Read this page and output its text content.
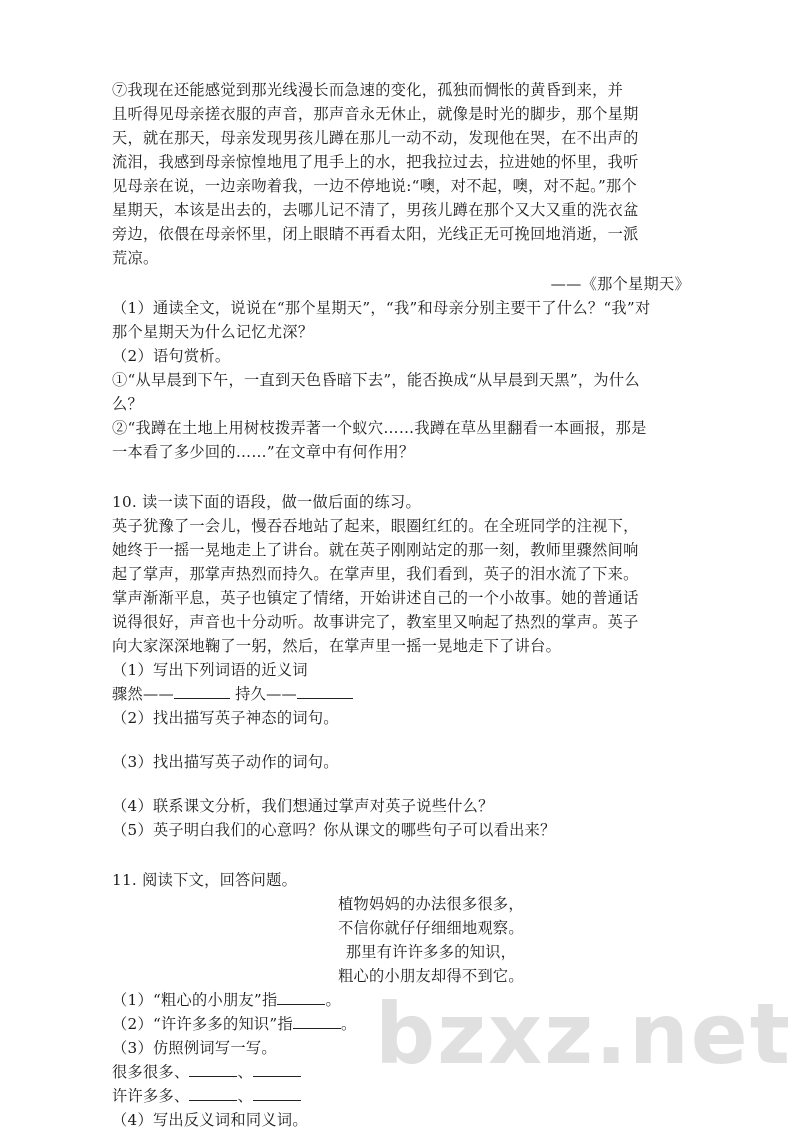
⑦我现在还能感觉到那光线漫长而急速的变化，孤独而惆怅的黄昏到来，并
且听得见母亲搓衣服的声音，那声音永无休止，就像是时光的脚步，那个星期
天，就在那天，母亲发现男孩儿蹲在那儿一动不动，发现他在哭，在不出声的
流泪，我感到母亲惊惶地甩了甩手上的水，把我拉过去，拉进她的怀里，我听
见母亲在说，一边亲吻着我，一边不停地说:“噢，对不起，噢，对不起。”那个
星期天，本该是出去的，去哪儿记不清了，男孩儿蹲在那个又大又重的洗衣盆
旁边，依偎在母亲怀里，闭上眼睛不再看太阳，光线正无可挽回地消逝，一派
荒凉。

——《那个星期天》

（1）通读全文，说说在“那个星期天”，“我”和母亲分别主要干了什么？“我”对
那个星期天为什么记忆尤深？
（2）语句赏析。
①“从早晨到下午，一直到天色昏暗下去”，能否换成“从早晨到天黑”，为什么
么？
②“我蹲在土地上用树枝拨弄著一个蚁穴……我蹲在草丛里翻看一本画报，那是
一本看了多少回的……”在文章中有何作用？
10. 读一读下面的语段，做一做后面的练习。
英子犹豫了一会儿，慢吞吞地站了起来，眼圈红红的。在全班同学的注视下，
她终于一摇一晃地走上了讲台。就在英子刚刚站定的那一刻，教师里骤然间响
起了掌声，那掌声热烈而持久。在掌声里，我们看到，英子的泪水流了下来。
掌声渐渐平息，英子也镇定了情绪，开始讲述自己的一个小故事。她的普通话
说得很好，声音也十分动听。故事讲完了，教室里又响起了热烈的掌声。英子
向大家深深地鞠了一躬，然后，在掌声里一摇一晃地走下了讲台。
（1）写出下列词语的近义词
骤然——	持久——
（2）找出描写英子神态的词句。
（3）找出描写英子动作的词句。
（4）联系课文分析，我们想通过掌声对英子说些什么？
（5）英子明白我们的心意吗？你从课文的哪些句子可以看出来？
11. 阅读下文，回答问题。

植物妈妈的办法很多很多，

不信你就仔仔细细地观察。

那里有许许多多的知识，

粗心的小朋友却得不到它。

（1）“粗心的小朋友”指	。
（2）“许许多多的知识”指	。
（3）仿照例词写一写。
很多很多、	、
许许多多、	、
（4）写出反义词和同义词。
bzxz.net
